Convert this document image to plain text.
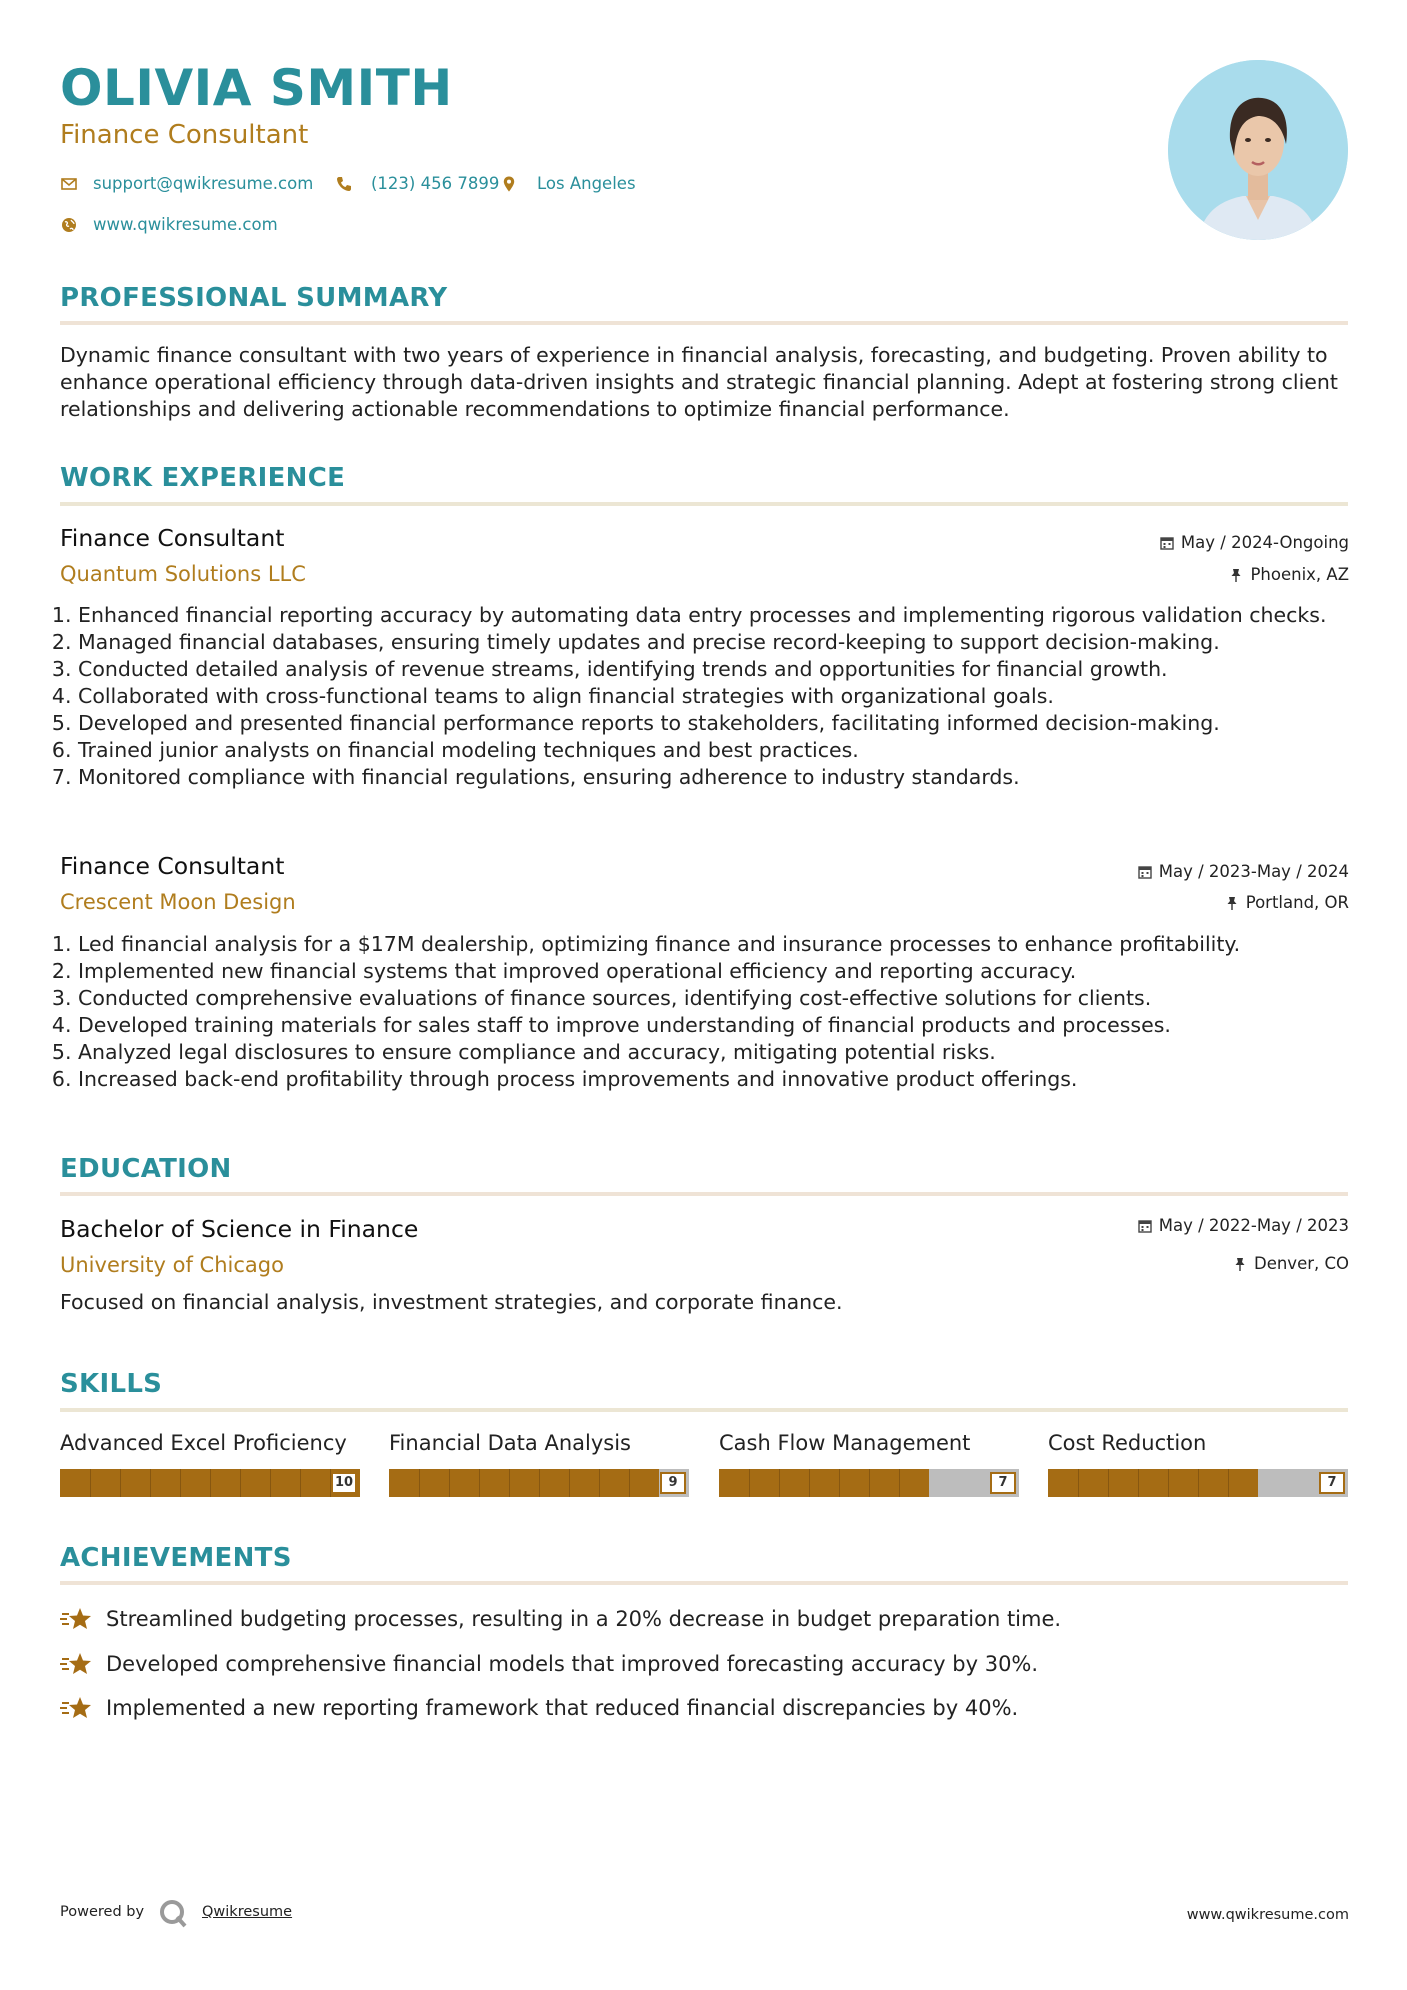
OLIVIA SMITH
Finance Consultant
support@qwikresume.com	(123) 456 7899 Los Angeles
www.qwikresume.com
PROFESSIONAL SUMMARY
Dynamic finance consultant with two years of experience in financial analysis, forecasting, and budgeting. Proven ability to enhance operational efficiency through data-driven insights and strategic financial planning. Adept at fostering strong client relationships and delivering actionable recommendations to optimize financial performance.
WORK EXPERIENCE
Finance Consultant
Quantum Solutions LLC
May / 2024-Ongoing
Phoenix, AZ
1. Enhanced financial reporting accuracy by automating data entry processes and implementing rigorous validation checks.
2. Managed financial databases, ensuring timely updates and precise record-keeping to support decision-making.
3. Conducted detailed analysis of revenue streams, identifying trends and opportunities for financial growth.
4. Collaborated with cross-functional teams to align financial strategies with organizational goals.
5. Developed and presented financial performance reports to stakeholders, facilitating informed decision-making.
6. Trained junior analysts on financial modeling techniques and best practices.
7. Monitored compliance with financial regulations, ensuring adherence to industry standards.
Finance Consultant
Crescent Moon Design
May / 2023-May / 2024
Portland, OR
1. Led financial analysis for a $17M dealership, optimizing finance and insurance processes to enhance profitability.
2. Implemented new financial systems that improved operational efficiency and reporting accuracy.
3. Conducted comprehensive evaluations of finance sources, identifying cost-effective solutions for clients.
4. Developed training materials for sales staff to improve understanding of financial products and processes.
5. Analyzed legal disclosures to ensure compliance and accuracy, mitigating potential risks.
6. Increased back-end profitability through process improvements and innovative product offerings.
EDUCATION
Bachelor of Science in Finance
University of Chicago
May / 2022-May / 2023
Denver, CO
Focused on financial analysis, investment strategies, and corporate finance.
SKILLS
Advanced Excel Proficiency
10
Financial Data Analysis
9
Cash Flow Management
7
Cost Reduction
7
ACHIEVEMENTS
Streamlined budgeting processes, resulting in a 20% decrease in budget preparation time.
Developed comprehensive financial models that improved forecasting accuracy by 30%.
Implemented a new reporting framework that reduced financial discrepancies by 40%.
Powered by	Qwikresume	www.qwikresume.com
